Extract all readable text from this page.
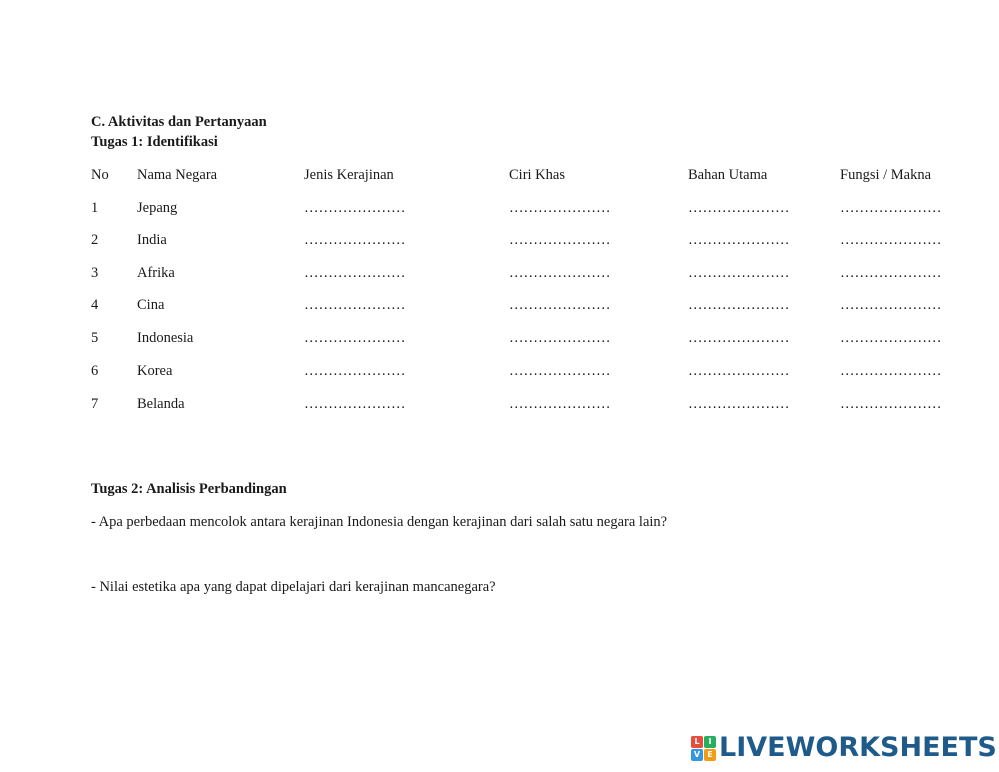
C. Aktivitas dan Pertanyaan
Tugas 1: Identifikasi
No Nama Negara	Jenis Kerajinan	Ciri Khas	Bahan Utama	Fungsi / Makna
1	Jepang	…………………	…………………	…………………	…………………
2	India	…………………	…………………	…………………	…………………
3	Afrika	…………………	…………………	…………………	…………………
4	Cina	…………………	…………………	…………………	…………………
5	Indonesia	…………………	…………………	…………………	…………………
6	Korea	…………………	…………………	…………………	…………………
7	Belanda	…………………	…………………	…………………	…………………
Tugas 2: Analisis Perbandingan
- Apa perbedaan mencolok antara kerajinan Indonesia dengan kerajinan dari salah satu negara lain?
- Nilai estetika apa yang dapat dipelajari dari kerajinan mancanegara?
L	I
V E LIVEWORKSHEETS
